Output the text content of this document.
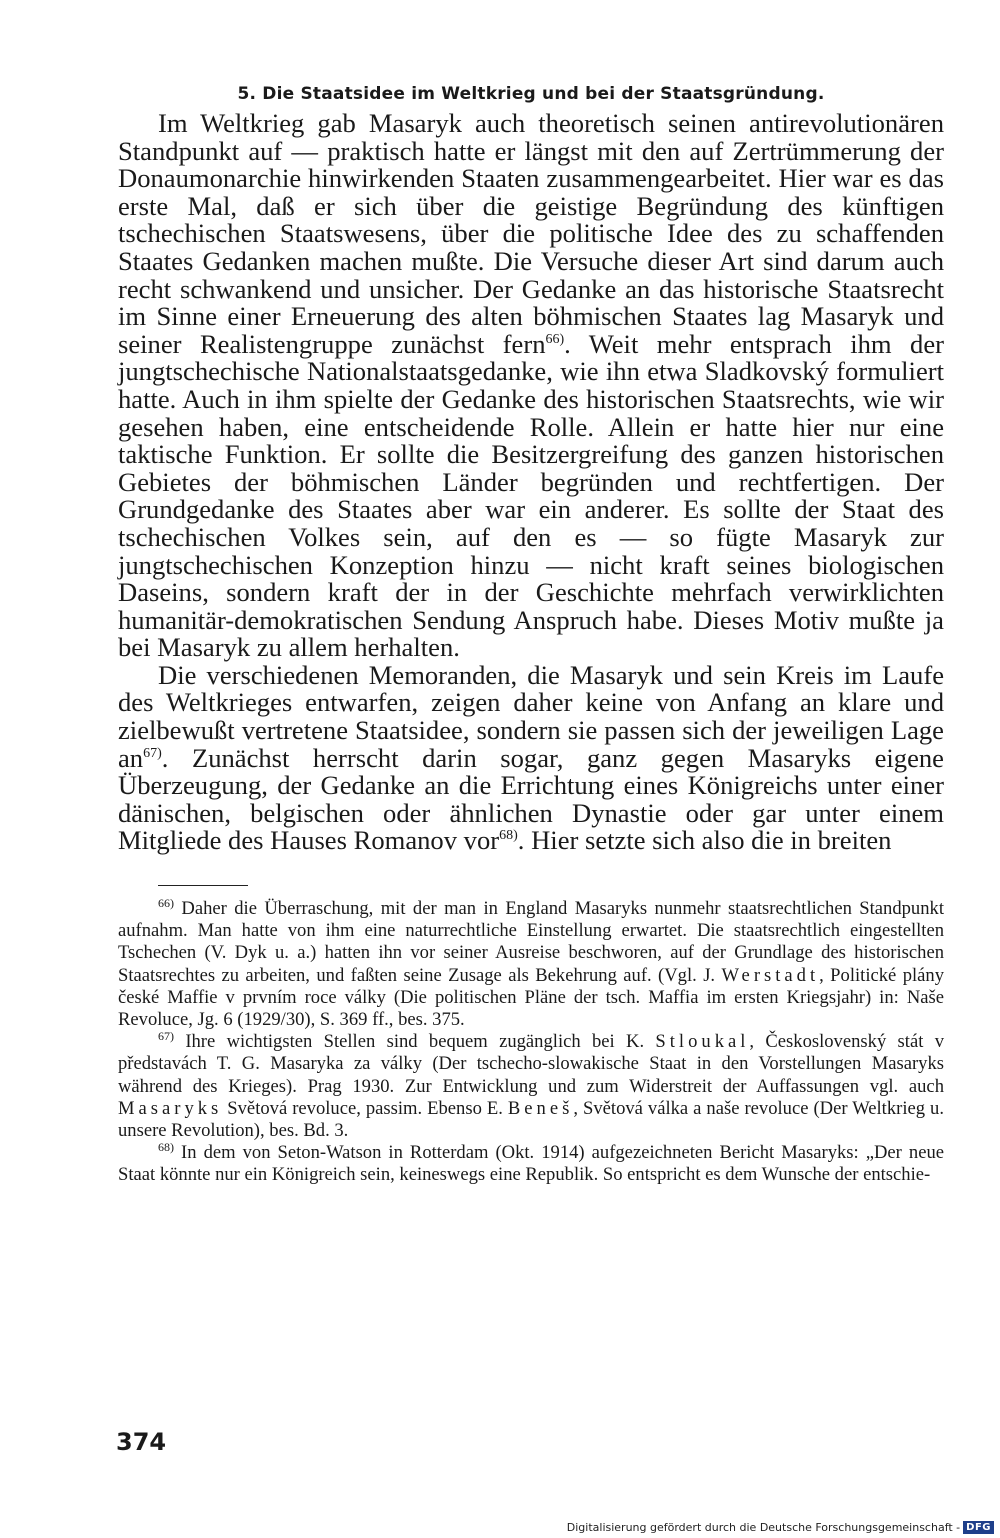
5. Die Staatsidee im Weltkrieg und bei der Staatsgründung.

Im Weltkrieg gab Masaryk auch theoretisch seinen antirevolutionären Standpunkt auf — praktisch hatte er längst mit den auf Zertrümmerung der Donaumonarchie hinwirkenden Staaten zusammengearbeitet. Hier war es das erste Mal, daß er sich über die geistige Begründung des künftigen tschechischen Staatswesens, über die politische Idee des zu schaffenden Staates Gedanken machen mußte. Die Versuche dieser Art sind darum auch recht schwankend und unsicher. Der Gedanke an das historische Staatsrecht im Sinne einer Erneuerung des alten böhmischen Staates lag Masaryk und seiner Realistengruppe zunächst fern$^{66)}$. Weit mehr entsprach ihm der jungtschechische Nationalstaatsgedanke, wie ihn etwa Sladkovský formuliert hatte. Auch in ihm spielte der Gedanke des historischen Staatsrechts, wie wir gesehen haben, eine entscheidende Rolle. Allein er hatte hier nur eine taktische Funktion. Er sollte die Besitzergreifung des ganzen historischen Gebietes der böhmischen Länder begründen und rechtfertigen. Der Grundgedanke des Staates aber war ein anderer. Es sollte der Staat des tschechischen Volkes sein, auf den es — so fügte Masaryk zur jungtschechischen Konzeption hinzu — nicht kraft seines biologischen Daseins, sondern kraft der in der Geschichte mehrfach verwirklichten humanitär-demokratischen Sendung Anspruch habe. Dieses Motiv mußte ja bei Masaryk zu allem herhalten.

Die verschiedenen Memoranden, die Masaryk und sein Kreis im Laufe des Weltkrieges entwarfen, zeigen daher keine von Anfang an klare und zielbewußt vertretene Staatsidee, sondern sie passen sich der jeweiligen Lage $an^{67)}$. Zunächst herrscht darin sogar, ganz gegen Masaryks eigene Überzeugung, der Gedanke an die Errichtung eines Königreichs unter einer dänischen, belgischen oder ähnlichen Dynastie oder gar unter einem Mitgliede des Hauses Romanov vor$^{68)}$. Hier setzte sich also die in breiten

$^{66)}$ Daher die Überraschung, mit der man in England Masaryks nunmehr staatsrechtlichen Standpunkt aufnahm. Man hatte von ihm eine naturrechtliche Einstellung erwartet. Die staatsrechtlich eingestellten Tschechen (V. Dyk u. a.) hatten ihn vor seiner Ausreise beschworen, auf der Grundlage des historischen Staatsrechtes zu arbeiten, und faßten seine Zusage als Bekehrung auf. (Vgl. J. Werstadt, Politické plány české Maffie v prvním roce války (Die politischen Pläne der tsch. Maffia im ersten Kriegsjahr) in: Naše Revoluce, Jg. 6 (1929/30), S. 369 ff., bes. 375.

$^{67)}$ Ihre wichtigsten Stellen sind bequem zugänglich bei K. Stloukal, Československý stát v představách T. G. Masaryka za války (Der tschecho-slowakische Staat in den Vorstellungen Masaryks während des Krieges). Prag 1930. Zur Entwicklung und zum Widerstreit der Auffassungen vgl. auch Masaryks Světová revoluce, passim. Ebenso E. Beneš, Světová válka a naše revoluce (Der Weltkrieg u. unsere Revolution), bes. Bd. 3.

$^{68)}$ In dem von Seton-Watson in Rotterdam (Okt. 1914) aufgezeichneten Bericht Masaryks: „Der neue Staat könnte nur ein Königreich sein, keineswegs eine Republik. So entspricht es dem Wunsche der entschie-

374
Digitalisierung gefördert durch die Deutsche Forschungsgemeinschaft - DFG
